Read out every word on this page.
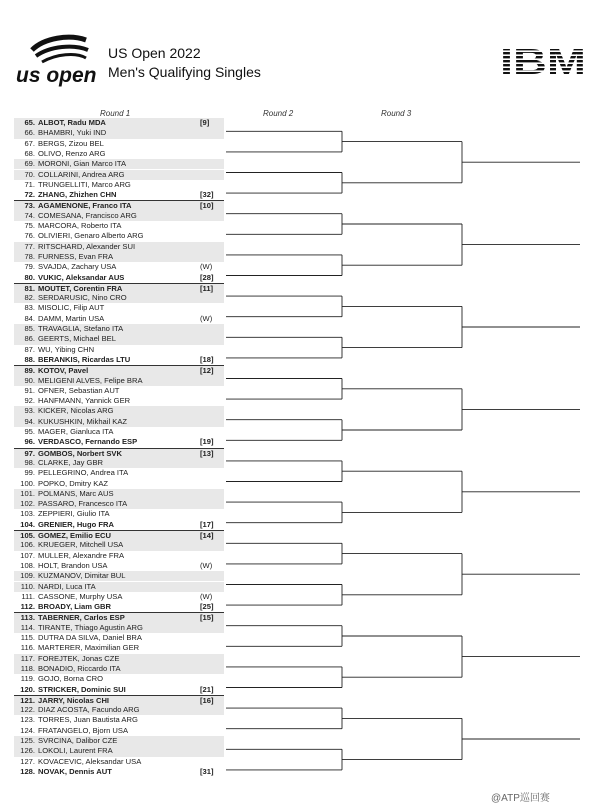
us open
US Open 2022
Men's Qualifying Singles	IBM
Round 1	Round 2	Round 3
65. ALBOT, Radu MDA	[9]
66. BHAMBRI, Yuki IND
67. BERGS, Zizou BEL
68. OLIVO, Renzo ARG
69. MORONI, Gian Marco ITA
70. COLLARINI, Andrea ARG
71. TRUNGELLITI, Marco ARG
72. ZHANG, Zhizhen CHN	[32]
73. AGAMENONE, Franco ITA	[10]
74. COMESANA, Francisco ARG
75. MARCORA, Roberto ITA
76. OLIVIERI, Genaro Alberto ARG
77. RITSCHARD, Alexander SUI
78. FURNESS, Evan FRA
79. SVAJDA, Zachary USA	(W)
80. VUKIC, Aleksandar AUS	[28]
81. MOUTET, Corentin FRA	[11]
82. SERDARUSIC, Nino CRO
83. MISOLIC, Filip AUT
84. DAMM, Martin USA	(W)
85. TRAVAGLIA, Stefano ITA
86. GEERTS, Michael BEL
87. WU, Yibing CHN
88. BERANKIS, Ricardas LTU	[18]
89. KOTOV, Pavel	[12]
90. MELIGENI ALVES, Felipe BRA
91. OFNER, Sebastian AUT
92. HANFMANN, Yannick GER
93. KICKER, Nicolas ARG
94. KUKUSHKIN, Mikhail KAZ
95. MAGER, Gianluca ITA
96. VERDASCO, Fernando ESP	[19]
97. GOMBOS, Norbert SVK	[13]
98. CLARKE, Jay GBR
99. PELLEGRINO, Andrea ITA
100. POPKO, Dmitry KAZ
101. POLMANS, Marc AUS
102. PASSARO, Francesco ITA
103. ZEPPIERI, Giulio ITA
104. GRENIER, Hugo FRA	[17]
105. GOMEZ, Emilio ECU	[14]
106. KRUEGER, Mitchell USA
107. MULLER, Alexandre FRA
108. HOLT, Brandon USA	(W)
109. KUZMANOV, Dimitar BUL
110. NARDI, Luca ITA
111. CASSONE, Murphy USA	(W)
112. BROADY, Liam GBR	[25]
113. TABERNER, Carlos ESP	[15]
114. TIRANTE, Thiago Agustin ARG
115. DUTRA DA SILVA, Daniel BRA
116. MARTERER, Maximilian GER
117. FOREJTEK, Jonas CZE
118. BONADIO, Riccardo ITA
119. GOJO, Borna CRO
120. STRICKER, Dominic SUI	[21]
121. JARRY, Nicolas CHI	[16]
122. DIAZ ACOSTA, Facundo ARG
123. TORRES, Juan Bautista ARG
124. FRATANGELO, Bjorn USA
125. SVRCINA, Dalibor CZE
126. LOKOLI, Laurent FRA
127. KOVACEVIC, Aleksandar USA
128. NOVAK, Dennis AUT	[31]
@ATP巡回赛
